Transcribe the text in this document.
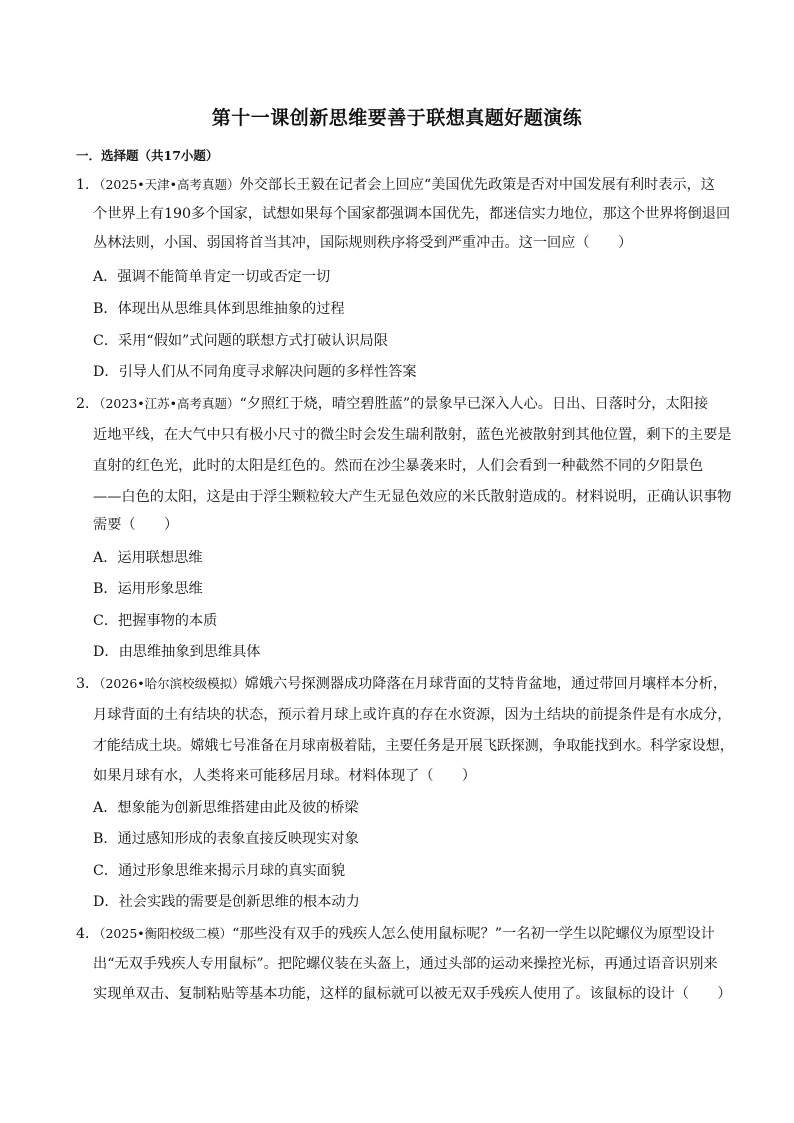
第十一课创新思维要善于联想真题好题演练
一．选择题（共17小题）
1．（2025•天津•高考真题）外交部长王毅在记者会上回应“美国优先政策是否对中国发展有利时表示，这
个世界上有190多个国家，试想如果每个国家都强调本国优先，都迷信实力地位，那这个世界将倒退回
丛林法则，小国、弱国将首当其冲，国际规则秩序将受到严重冲击。这一回应（　　）
A．强调不能简单肯定一切或否定一切
B．体现出从思维具体到思维抽象的过程
C．采用“假如”式问题的联想方式打破认识局限
D．引导人们从不同角度寻求解决问题的多样性答案
2．（2023•江苏•高考真题）“夕照红于烧，晴空碧胜蓝”的景象早已深入人心。日出、日落时分，太阳接
近地平线，在大气中只有极小尺寸的微尘时会发生瑞利散射，蓝色光被散射到其他位置，剩下的主要是
直射的红色光，此时的太阳是红色的。然而在沙尘暴袭来时，人们会看到一种截然不同的夕阳景色
——白色的太阳，这是由于浮尘颗粒较大产生无显色效应的米氏散射造成的。材料说明，正确认识事物
需要（　　）
A．运用联想思维
B．运用形象思维
C．把握事物的本质
D．由思维抽象到思维具体
3．（2026•哈尔滨校级模拟）嫦娥六号探测器成功降落在月球背面的艾特肯盆地，通过带回月壤样本分析，
月球背面的土有结块的状态，预示着月球上或许真的存在水资源，因为土结块的前提条件是有水成分，
才能结成土块。嫦娥七号准备在月球南极着陆，主要任务是开展飞跃探测，争取能找到水。科学家设想，
如果月球有水，人类将来可能移居月球。材料体现了（　　）
A．想象能为创新思维搭建由此及彼的桥梁
B．通过感知形成的表象直接反映现实对象
C．通过形象思维来揭示月球的真实面貌
D．社会实践的需要是创新思维的根本动力
4．（2025•衡阳校级二模）“那些没有双手的残疾人怎么使用鼠标呢？”一名初一学生以陀螺仪为原型设计
出“无双手残疾人专用鼠标”。把陀螺仪装在头盔上，通过头部的运动来操控光标，再通过语音识别来
实现单双击、复制粘贴等基本功能，这样的鼠标就可以被无双手残疾人使用了。该鼠标的设计（　　）
